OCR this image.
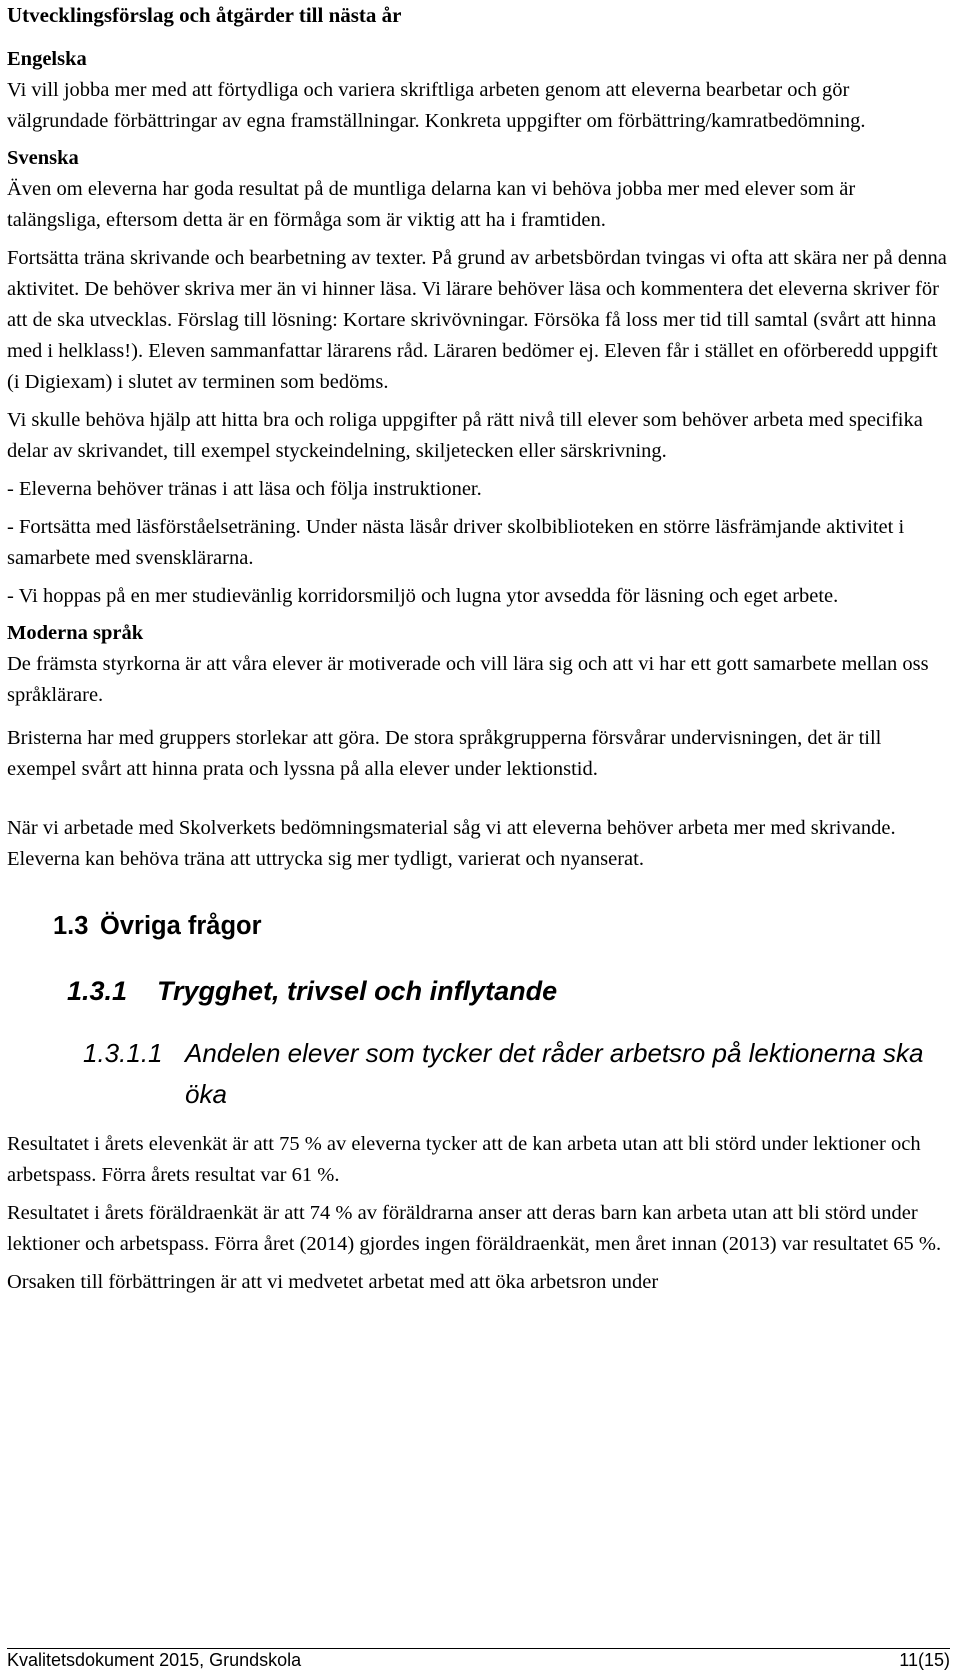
Utvecklingsförslag och åtgärder till nästa år
Engelska

Vi vill jobba mer med att förtydliga och variera skriftliga arbeten genom att eleverna bearbetar och gör välgrundade förbättringar av egna framställningar. Konkreta uppgifter om förbättring/kamratbedömning.

Svenska

Även om eleverna har goda resultat på de muntliga delarna kan vi behöva jobba mer med elever som är talängsliga, eftersom detta är en förmåga som är viktig att ha i framtiden.

Fortsätta träna skrivande och bearbetning av texter. På grund av arbetsbördan tvingas vi ofta att skära ner på denna aktivitet. De behöver skriva mer än vi hinner läsa. Vi lärare behöver läsa och kommentera det eleverna skriver för att de ska utvecklas. Förslag till lösning: Kortare skrivövningar. Försöka få loss mer tid till samtal (svårt att hinna med i helklass!). Eleven sammanfattar lärarens råd. Läraren bedömer ej. Eleven får i stället en oförberedd uppgift (i Digiexam) i slutet av terminen som bedöms.

Vi skulle behöva hjälp att hitta bra och roliga uppgifter på rätt nivå till elever som behöver arbeta med specifika delar av skrivandet, till exempel styckeindelning, skiljetecken eller särskrivning.

- Eleverna behöver tränas i att läsa och följa instruktioner.

- Fortsätta med läsförståelseträning. Under nästa läsår driver skolbiblioteken en större läsfrämjande aktivitet i samarbete med svensklärarna.

- Vi hoppas på en mer studievänlig korridorsmiljö och lugna ytor avsedda för läsning och eget arbete.

Moderna språk

De främsta styrkorna är att våra elever är motiverade och vill lära sig och att vi har ett gott samarbete mellan oss språklärare.

Bristerna har med gruppers storlekar att göra. De stora språkgrupperna försvårar undervisningen, det är till exempel svårt att hinna prata och lyssna på alla elever under lektionstid.

När vi arbetade med Skolverkets bedömningsmaterial såg vi att eleverna behöver arbeta mer med skrivande. Eleverna kan behöva träna att uttrycka sig mer tydligt, varierat och nyanserat.

1.3 Övriga frågor
1.3.1 Trygghet, trivsel och inflytande
1.3.1.1 Andelen elever som tycker det råder arbetsro på lektionerna ska öka

Resultatet i årets elevenkät är att 75 % av eleverna tycker att de kan arbeta utan att bli störd under lektioner och arbetspass. Förra årets resultat var 61 %.

Resultatet i årets föräldraenkät är att 74 % av föräldrarna anser att deras barn kan arbeta utan att bli störd under lektioner och arbetspass. Förra året (2014) gjordes ingen föräldraenkät, men året innan (2013) var resultatet 65 %.

Orsaken till förbättringen är att vi medvetet arbetat med att öka arbetsron under

Kvalitetsdokument 2015, Grundskola	11(15)
